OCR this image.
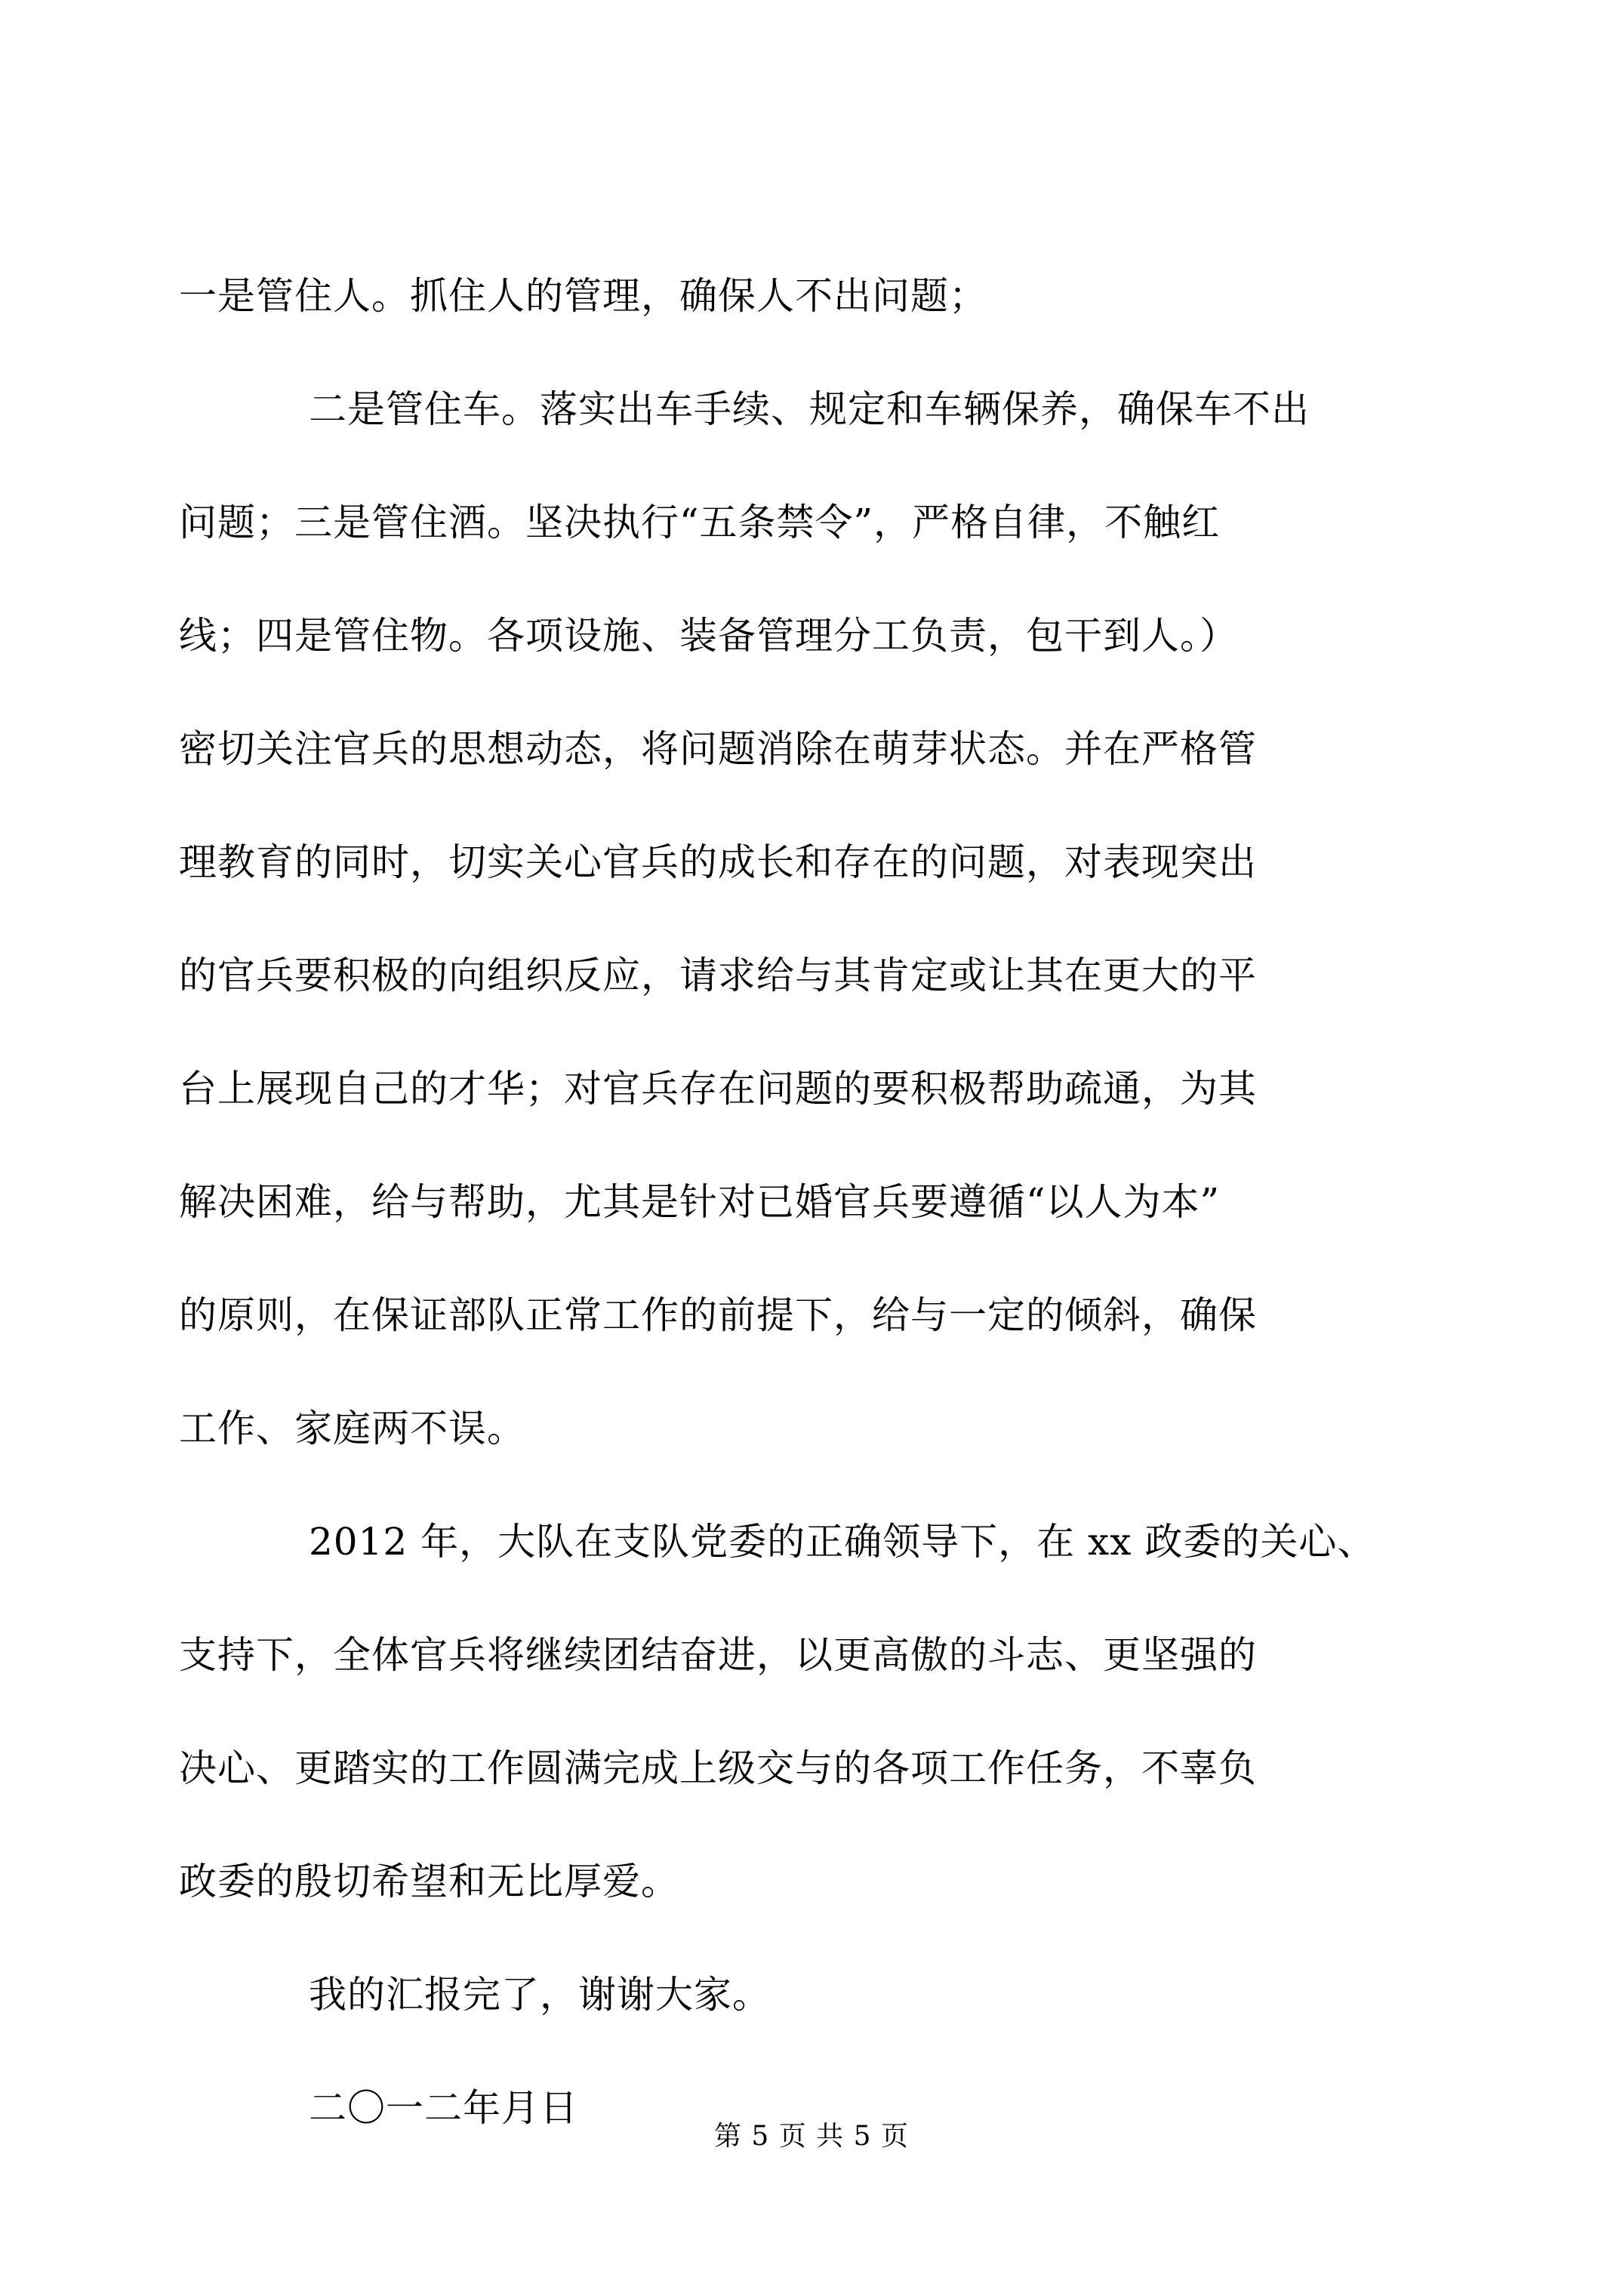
一是管住人。抓住人的管理，确保人不出问题；
二是管住车。落实出车手续、规定和车辆保养，确保车不出
问题；三是管住酒。坚决执行“五条禁令”，严格自律，不触红
线；四是管住物。各项设施、装备管理分工负责，包干到人。）
密切关注官兵的思想动态，将问题消除在萌芽状态。并在严格管
理教育的同时，切实关心官兵的成长和存在的问题，对表现突出
的官兵要积极的向组织反应，请求给与其肯定或让其在更大的平
台上展现自己的才华；对官兵存在问题的要积极帮助疏通，为其
解决困难，给与帮助，尤其是针对已婚官兵要遵循“以人为本”
的原则，在保证部队正常工作的前提下，给与一定的倾斜，确保
工作、家庭两不误。
2012 年，大队在支队党委的正确领导下，在 xx 政委的关心、
支持下，全体官兵将继续团结奋进，以更高傲的斗志、更坚强的
决心、更踏实的工作圆满完成上级交与的各项工作任务，不辜负
政委的殷切希望和无比厚爱。
我的汇报完了，谢谢大家。
二〇一二年月日
第 5 页 共 5 页
